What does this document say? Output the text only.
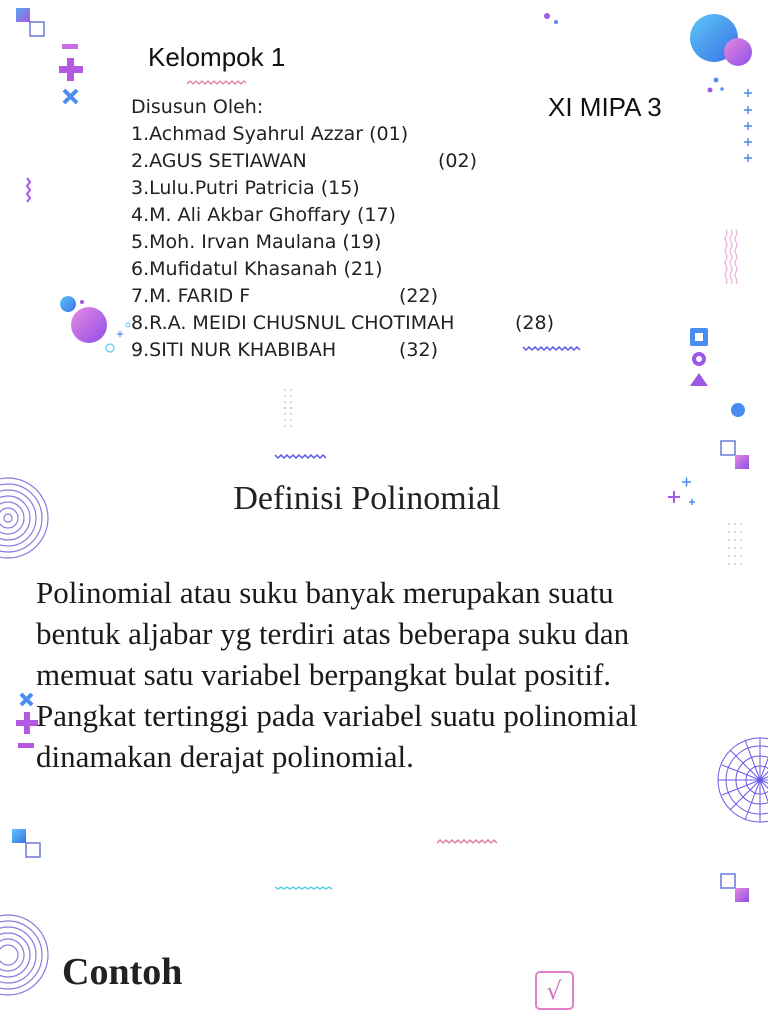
√
Kelompok 1
XI MIPA 3
Disusun Oleh:
1.Achmad Syahrul Azzar (01)
2.AGUS SETIAWAN	(02)
3.Lulu.Putri Patricia (15)
4.M. Ali Akbar Ghoffary (17)
5.Moh. Irvan Maulana (19)
6.Mufidatul Khasanah (21)
7.M. FARID F	(22)
8.R.A. MEIDI CHUSNUL CHOTIMAH	(28)
9.SITI NUR KHABIBAH	(32)
Definisi Polinomial
Polinomial atau suku banyak merupakan suatu
bentuk aljabar yg terdiri atas beberapa suku dan
memuat satu variabel berpangkat bulat positif.
Pangkat tertinggi pada variabel suatu polinomial
dinamakan derajat polinomial.
Contoh
